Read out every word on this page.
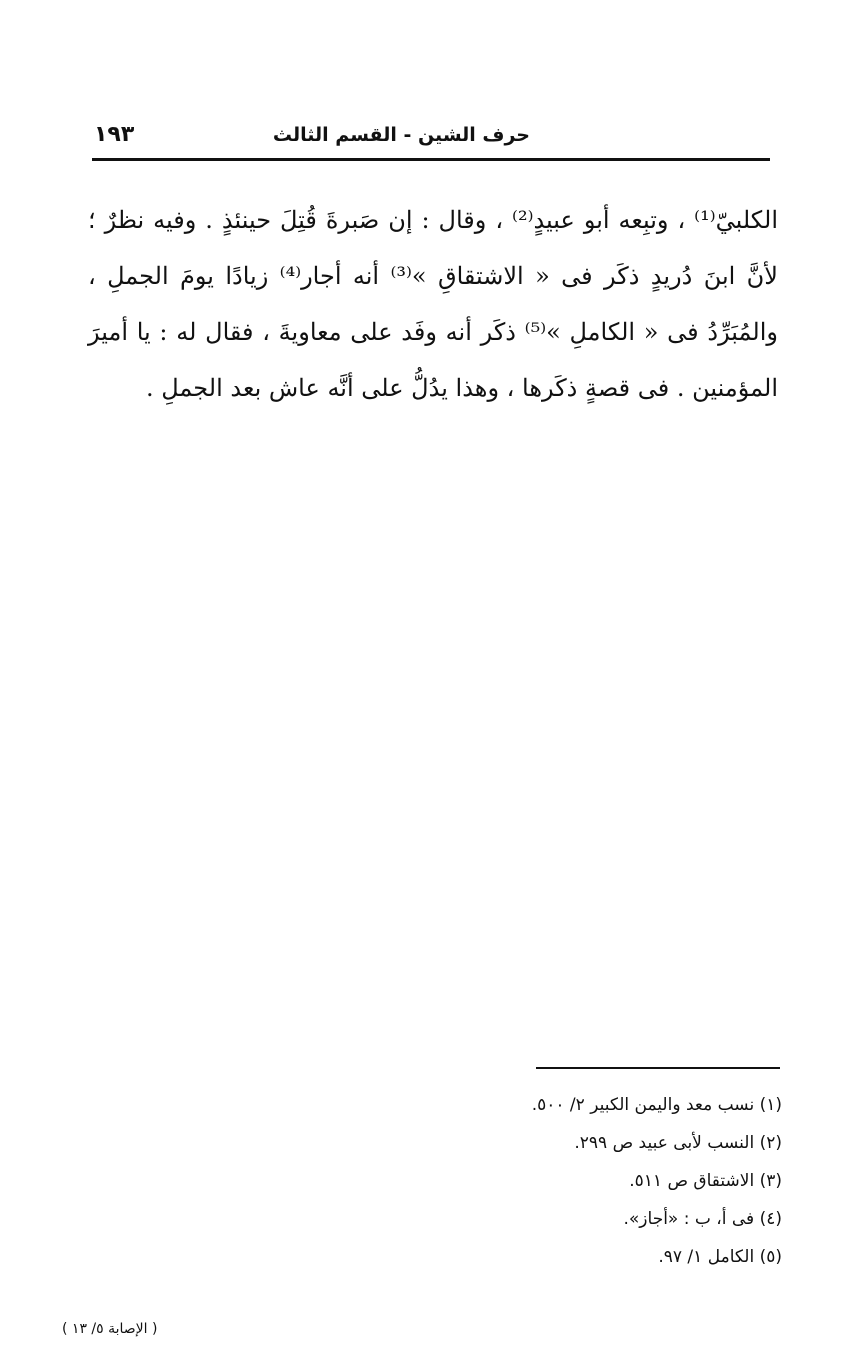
حرف الشين - القسم الثالث
١٩٣

الكلبيّ⁽¹⁾ ، وتبِعه أبو عبيدٍ⁽²⁾ ، وقال : إن صَبرةَ قُتِلَ حينئذٍ . وفيه نظرٌ ؛ لأنَّ ابنَ دُريدٍ ذكَر فى « الاشتقاقِ »⁽³⁾ أنه أجار⁽⁴⁾ زيادًا يومَ الجملِ ، والمُبَرِّدُ فى « الكاملِ »⁽⁵⁾ ذكَر أنه وفَد على معاويةَ ، فقال له : يا أميرَ المؤمنين . فى قصةٍ ذكَرها ، وهذا يدُلُّ على أنَّه عاش بعد الجملِ .

(١) نسب معد واليمن الكبير ٢/ ٥٠٠.
(٢) النسب لأبى عبيد ص ٢٩٩.
(٣) الاشتقاق ص ٥١١.
(٤) فى أ، ب : «أجاز».
(٥) الكامل ١/ ٩٧.
( الإصابة ٥/ ١٣ )
